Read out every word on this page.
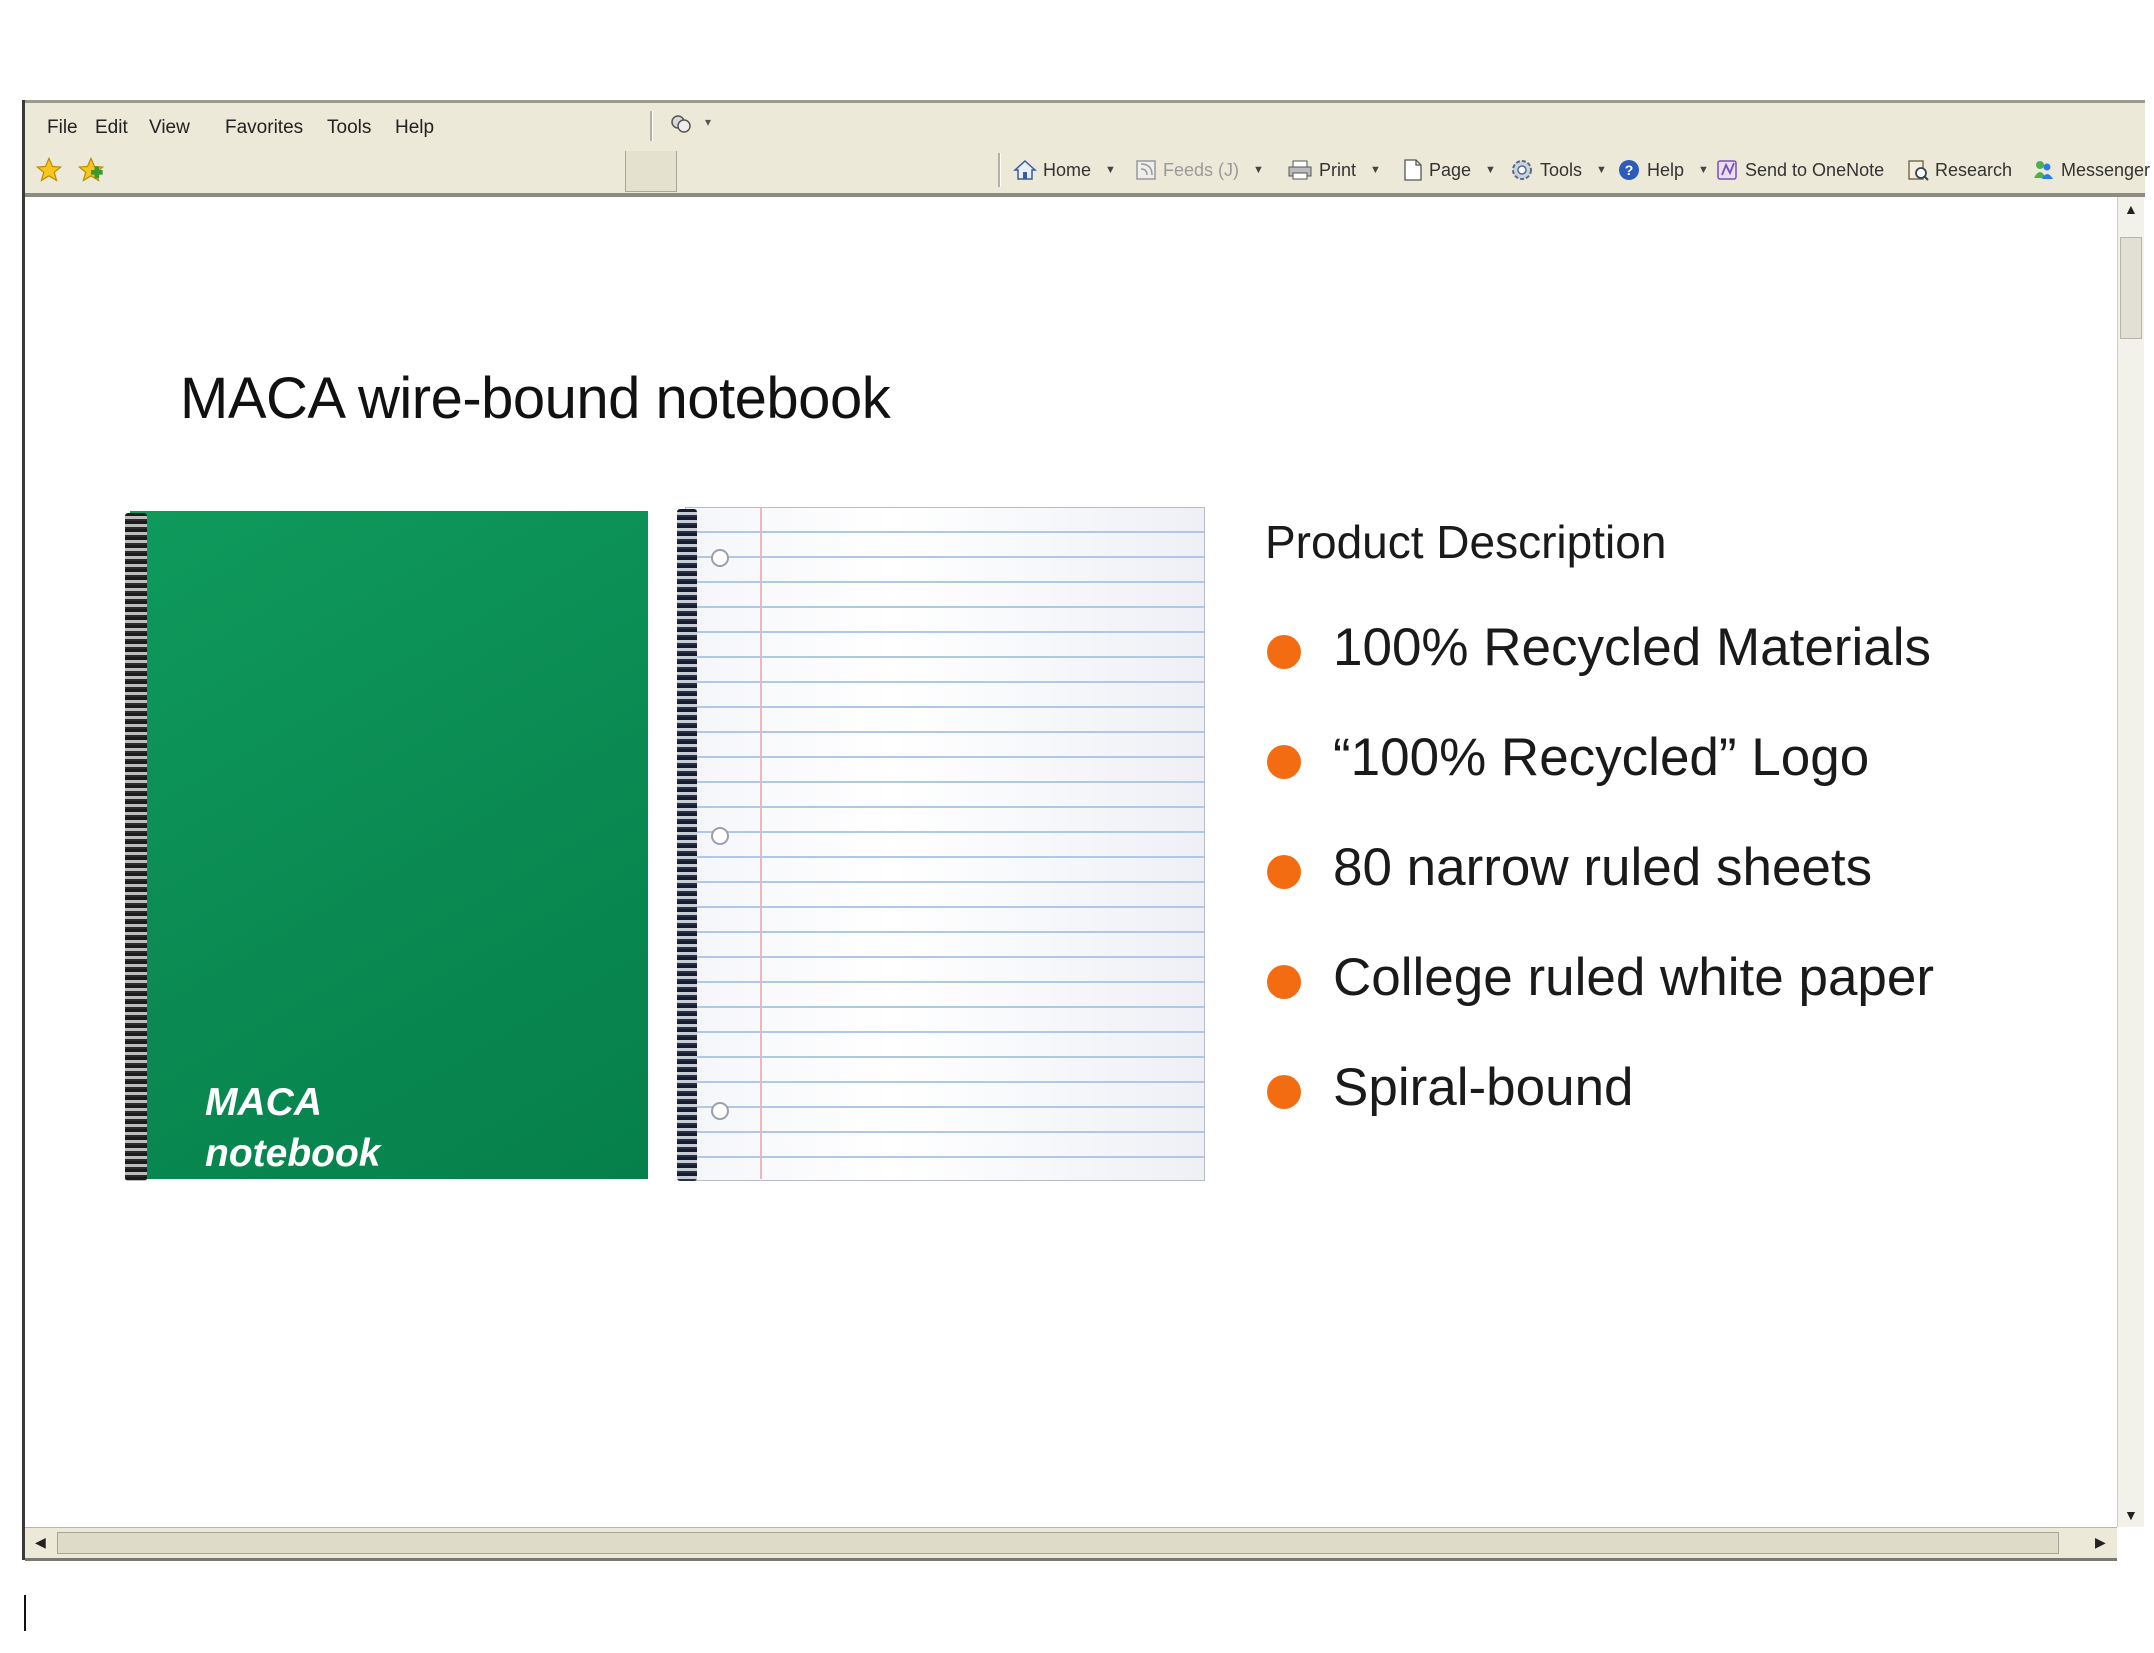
File Edit View Favorites Tools Help	▾
Home ▼	Feeds (J) ▼	Print ▼	Page ▼ Tools ▼ ? Help ▼ Send to OneNote	Research	Messenger
MACA wire-bound notebook
MACA
notebook
100 % Recycled
Product Description
100% Recycled Materials
“100% Recycled” Logo
80 narrow ruled sheets
College ruled white paper
Spiral-bound
▲
▼
◀	▶
